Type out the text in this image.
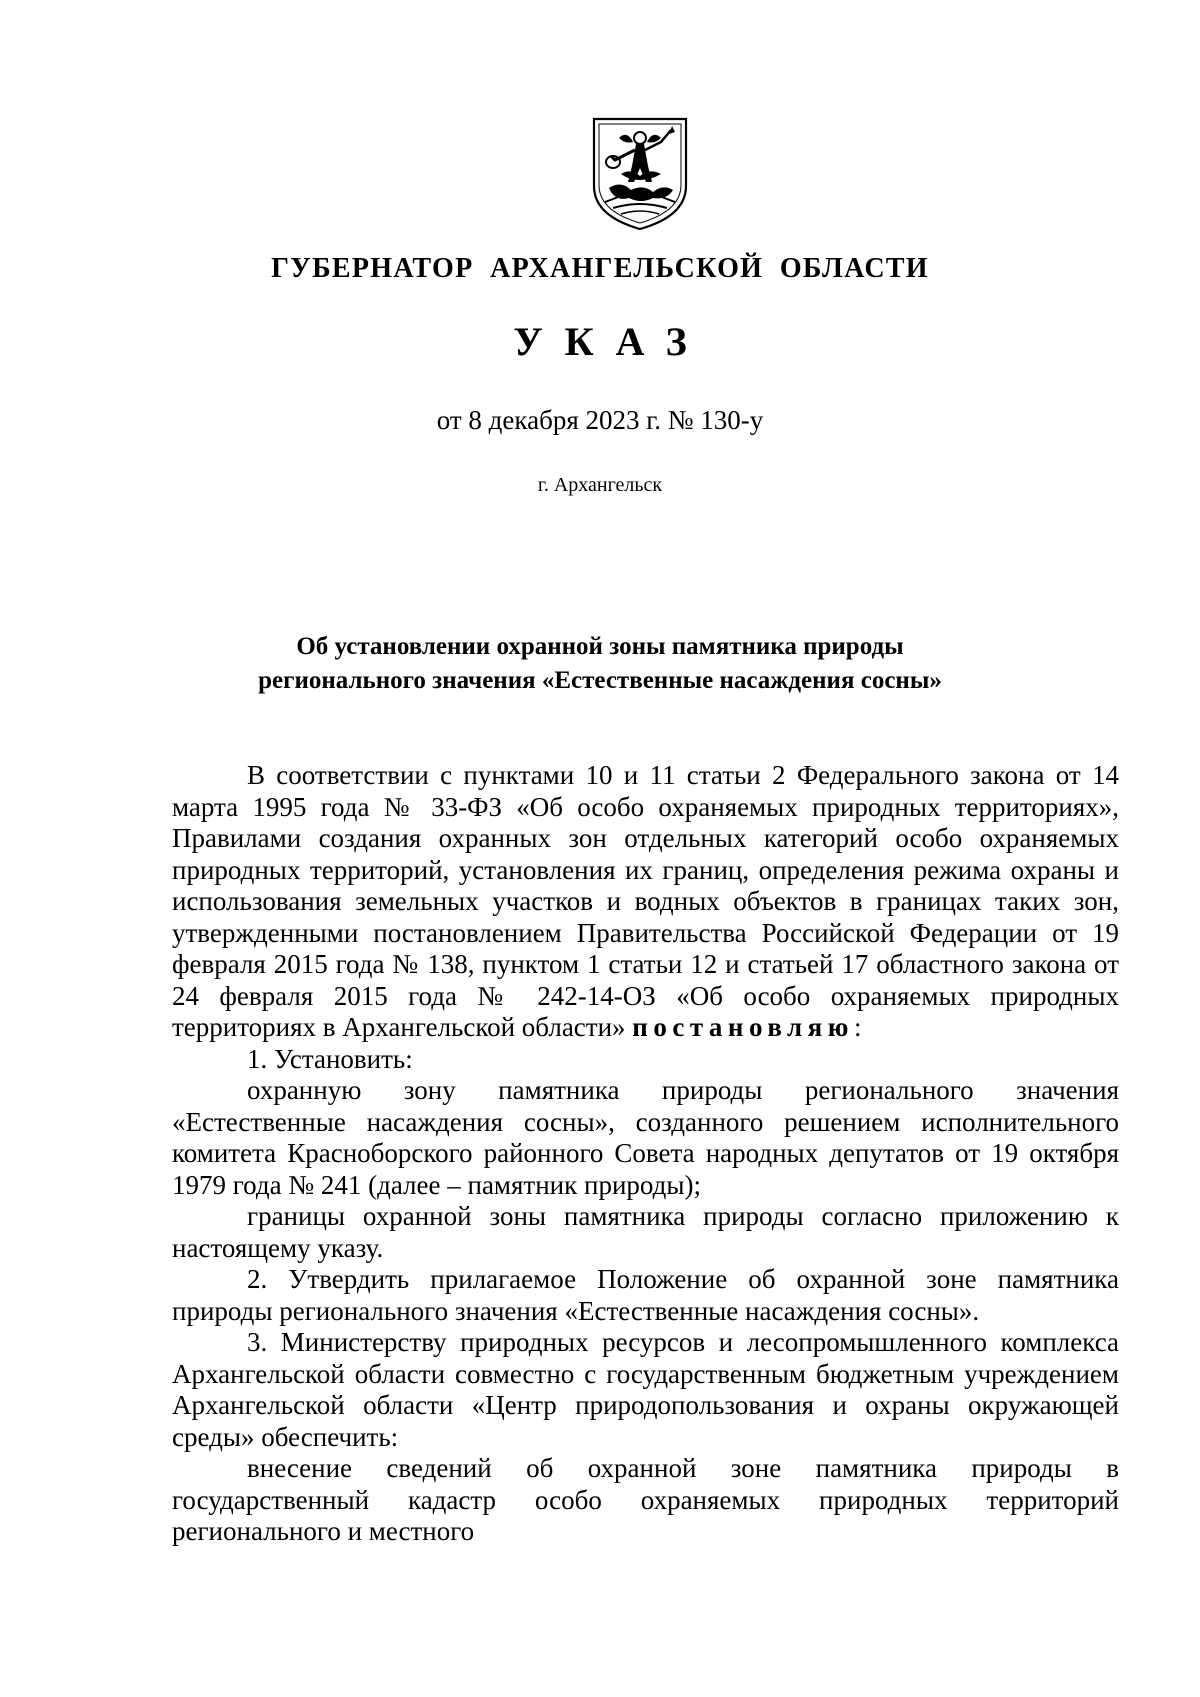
ГУБЕРНАТОР  АРХАНГЕЛЬСКОЙ  ОБЛАСТИ
УКАЗ
от 8 декабря 2023 г. № 130-у
г. Архангельск
Об установлении охранной зоны памятника природы
регионального значения «Естественные насаждения сосны»

В соответствии с пунктами 10 и 11 статьи 2 Федерального закона от 14 марта 1995 года № 33-ФЗ «Об особо охраняемых природных территориях», Правилами создания охранных зон отдельных категорий особо охраняемых природных территорий, установления их границ, определения режима охраны и использования земельных участков и водных объектов в границах таких зон, утвержденными постановлением Правительства Российской Федерации от 19 февраля 2015 года № 138, пунктом 1 статьи 12 и статьей 17 областного закона от 24 февраля 2015 года № 242-14-ОЗ «Об особо охраняемых природных территориях в Архангельской области» постановляю:

1. Установить:

охранную зону памятника природы регионального значения «Естественные насаждения сосны», созданного решением исполнительного комитета Красноборского районного Совета народных депутатов от 19 октября 1979 года № 241 (далее – памятник природы);

границы охранной зоны памятника природы согласно приложению к настоящему указу.

2. Утвердить прилагаемое Положение об охранной зоне памятника природы регионального значения «Естественные насаждения сосны».

3. Министерству природных ресурсов и лесопромышленного комплекса Архангельской области совместно с государственным бюджетным учреждением Архангельской области «Центр природопользования и охраны окружающей среды» обеспечить:

внесение сведений об охранной зоне памятника природы в государственный кадастр особо охраняемых природных территорий регионального и местного
